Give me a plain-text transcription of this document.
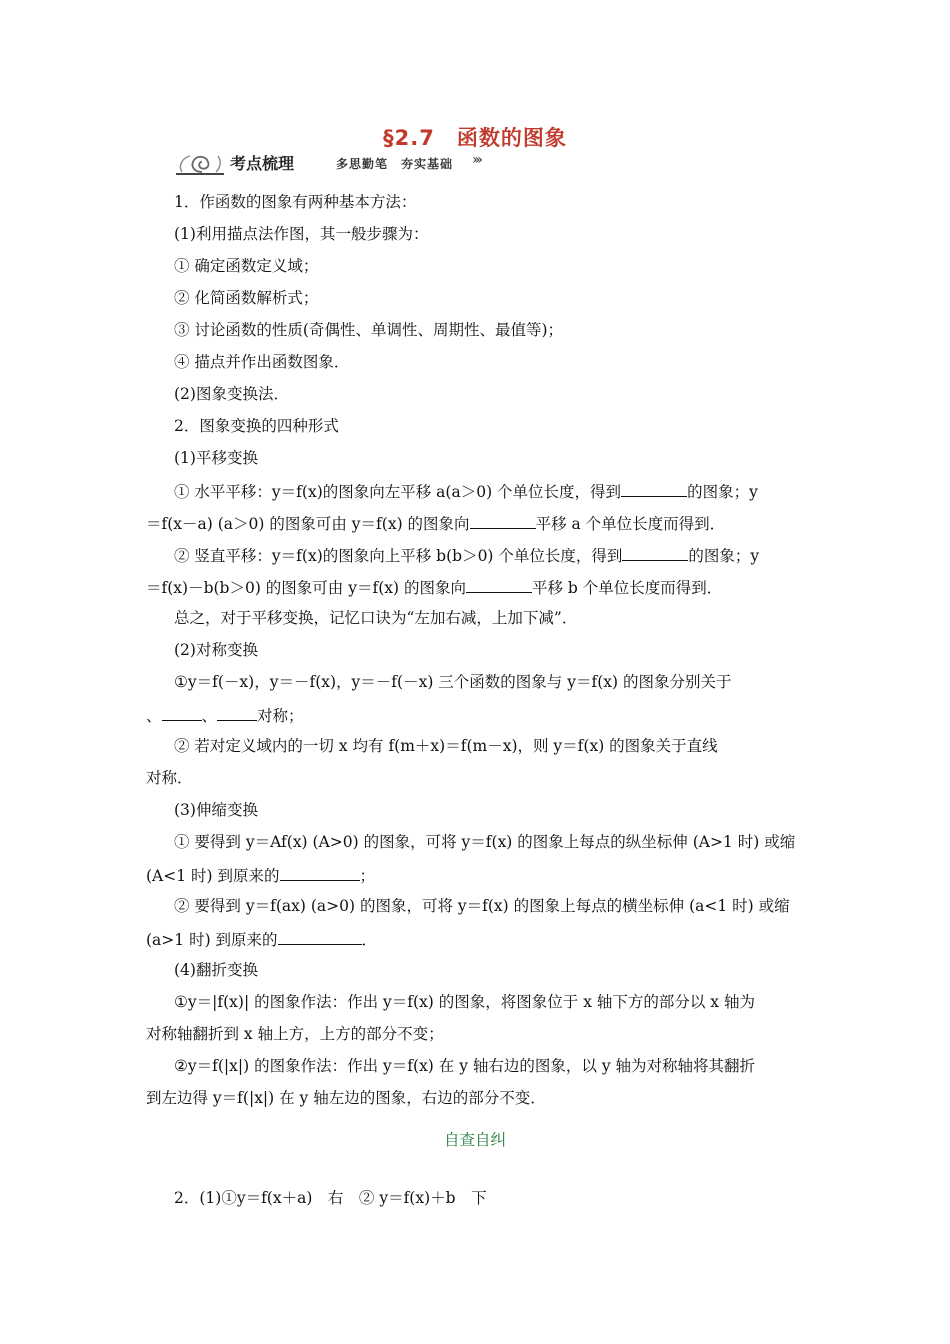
§2.7　函数的图象
考点梳理	多思勤笔　夯实基础 ›››
1．作函数的图象有两种基本方法：
(1)利用描点法作图，其一般步骤为：
① 确定函数定义域；
② 化简函数解析式；
③ 讨论函数的性质(奇偶性、单调性、周期性、最值等)；
④ 描点并作出函数图象．
(2)图象变换法．
2．图象变换的四种形式
(1)平移变换
① 水平平移：y＝f(x)的图象向左平移 a(a＞0) 个单位长度，得到	的图象；y
＝f(x－a) (a＞0) 的图象可由 y＝f(x) 的图象向	平移 a 个单位长度而得到．
② 竖直平移：y＝f(x)的图象向上平移 b(b＞0) 个单位长度，得到	的图象；y
＝f(x)－b(b＞0) 的图象可由 y＝f(x) 的图象向	平移 b 个单位长度而得到．
总之，对于平移变换，记忆口诀为“左加右减，上加下减”．
(2)对称变换
①y＝f(－x)，y＝－f(x)，y＝－f(－x) 三个函数的图象与 y＝f(x) 的图象分别关于
、	、	对称；
② 若对定义域内的一切 x 均有 f(m＋x)＝f(m－x)，则 y＝f(x) 的图象关于直线
对称．
(3)伸缩变换
① 要得到 y＝Af(x) (A>0) 的图象，可将 y＝f(x) 的图象上每点的纵坐标伸 (A>1 时) 或缩
(A<1 时) 到原来的	；
② 要得到 y＝f(ax) (a>0) 的图象，可将 y＝f(x) 的图象上每点的横坐标伸 (a<1 时) 或缩
(a>1 时) 到原来的	．
(4)翻折变换
①y＝|f(x)| 的图象作法：作出 y＝f(x) 的图象，将图象位于 x 轴下方的部分以 x 轴为
对称轴翻折到 x 轴上方，上方的部分不变；
②y＝f(|x|) 的图象作法：作出 y＝f(x) 在 y 轴右边的图象，以 y 轴为对称轴将其翻折
到左边得 y＝f(|x|) 在 y 轴左边的图象，右边的部分不变．
自查自纠
2．(1)①y＝f(x＋a)　右　② y＝f(x)＋b　下
